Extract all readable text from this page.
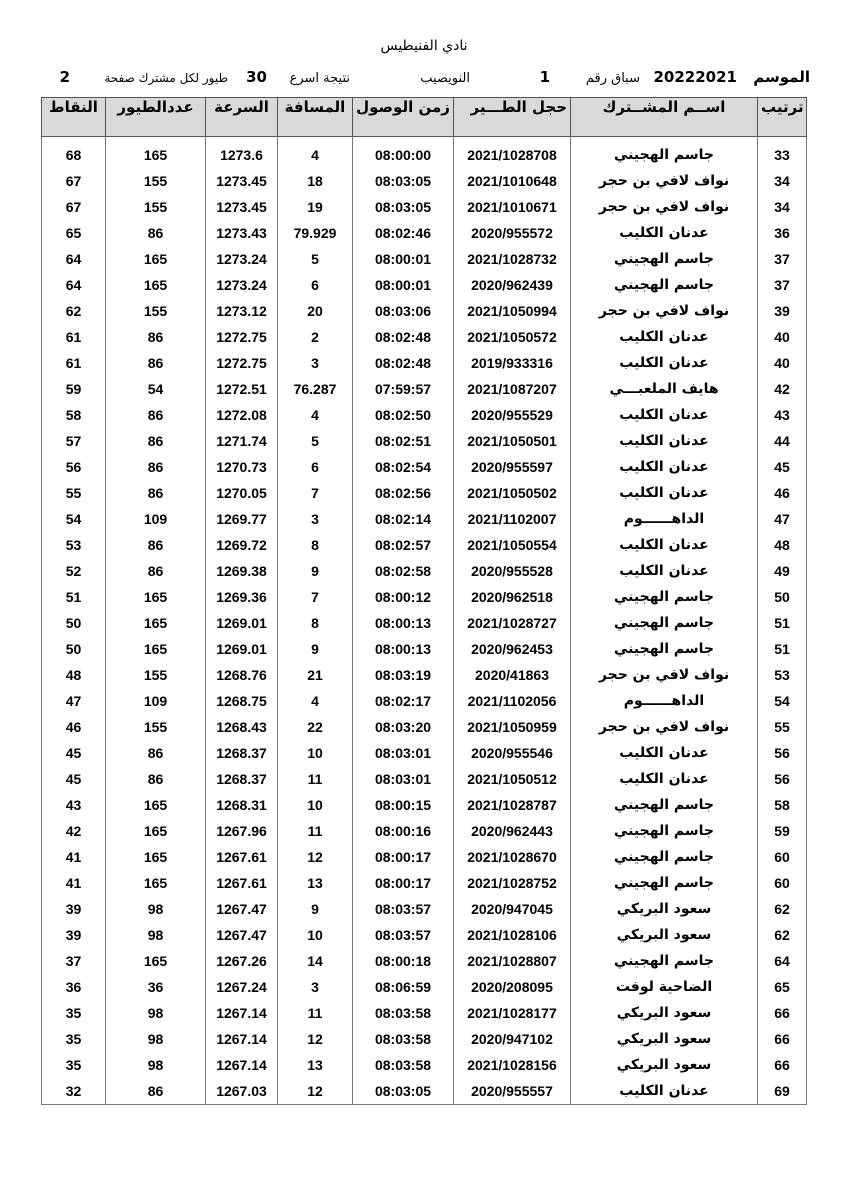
نادي الفنيطيس
الموسم
20222021
سباق رقم
1
النويصيب
نتيجة اسرع
30
طيور لكل مشترك صفحة
2
النقاط	عددالطيور	السرعة	المسافة	زمن الوصول	حجل الطـــير	اســم المشــترك	ترتيب

68	165	1273.6	4	08:00:00	2021/1028708	جاسم الهجيني	33
67	155	1273.45	18	08:03:05	2021/1010648	نواف لافي بن حجر	34
67	155	1273.45	19	08:03:05	2021/1010671	نواف لافي بن حجر	34
65	86	1273.43	79.929	08:02:46	2020/955572	عدنان الكليب	36
64	165	1273.24	5	08:00:01	2021/1028732	جاسم الهجيني	37
64	165	1273.24	6	08:00:01	2020/962439	جاسم الهجيني	37
62	155	1273.12	20	08:03:06	2021/1050994	نواف لافي بن حجر	39
61	86	1272.75	2	08:02:48	2021/1050572	عدنان الكليب	40
61	86	1272.75	3	08:02:48	2019/933316	عدنان الكليب	40
59	54	1272.51	76.287	07:59:57	2021/1087207	هايف الملعبـــي	42
58	86	1272.08	4	08:02:50	2020/955529	عدنان الكليب	43
57	86	1271.74	5	08:02:51	2021/1050501	عدنان الكليب	44
56	86	1270.73	6	08:02:54	2020/955597	عدنان الكليب	45
55	86	1270.05	7	08:02:56	2021/1050502	عدنان الكليب	46
54	109	1269.77	3	08:02:14	2021/1102007	الداهــــــوم	47
53	86	1269.72	8	08:02:57	2021/1050554	عدنان الكليب	48
52	86	1269.38	9	08:02:58	2020/955528	عدنان الكليب	49
51	165	1269.36	7	08:00:12	2020/962518	جاسم الهجيني	50
50	165	1269.01	8	08:00:13	2021/1028727	جاسم الهجيني	51
50	165	1269.01	9	08:00:13	2020/962453	جاسم الهجيني	51
48	155	1268.76	21	08:03:19	2020/41863	نواف لافي بن حجر	53
47	109	1268.75	4	08:02:17	2021/1102056	الداهــــــوم	54
46	155	1268.43	22	08:03:20	2021/1050959	نواف لافي بن حجر	55
45	86	1268.37	10	08:03:01	2020/955546	عدنان الكليب	56
45	86	1268.37	11	08:03:01	2021/1050512	عدنان الكليب	56
43	165	1268.31	10	08:00:15	2021/1028787	جاسم الهجيني	58
42	165	1267.96	11	08:00:16	2020/962443	جاسم الهجيني	59
41	165	1267.61	12	08:00:17	2021/1028670	جاسم الهجيني	60
41	165	1267.61	13	08:00:17	2021/1028752	جاسم الهجيني	60
39	98	1267.47	9	08:03:57	2020/947045	سعود البريكي	62
39	98	1267.47	10	08:03:57	2021/1028106	سعود البريكي	62
37	165	1267.26	14	08:00:18	2021/1028807	جاسم الهجيني	64
36	36	1267.24	3	08:06:59	2020/208095	الضاحية لوفت	65
35	98	1267.14	11	08:03:58	2021/1028177	سعود البريكي	66
35	98	1267.14	12	08:03:58	2020/947102	سعود البريكي	66
35	98	1267.14	13	08:03:58	2021/1028156	سعود البريكي	66
32	86	1267.03	12	08:03:05	2020/955557	عدنان الكليب	69
